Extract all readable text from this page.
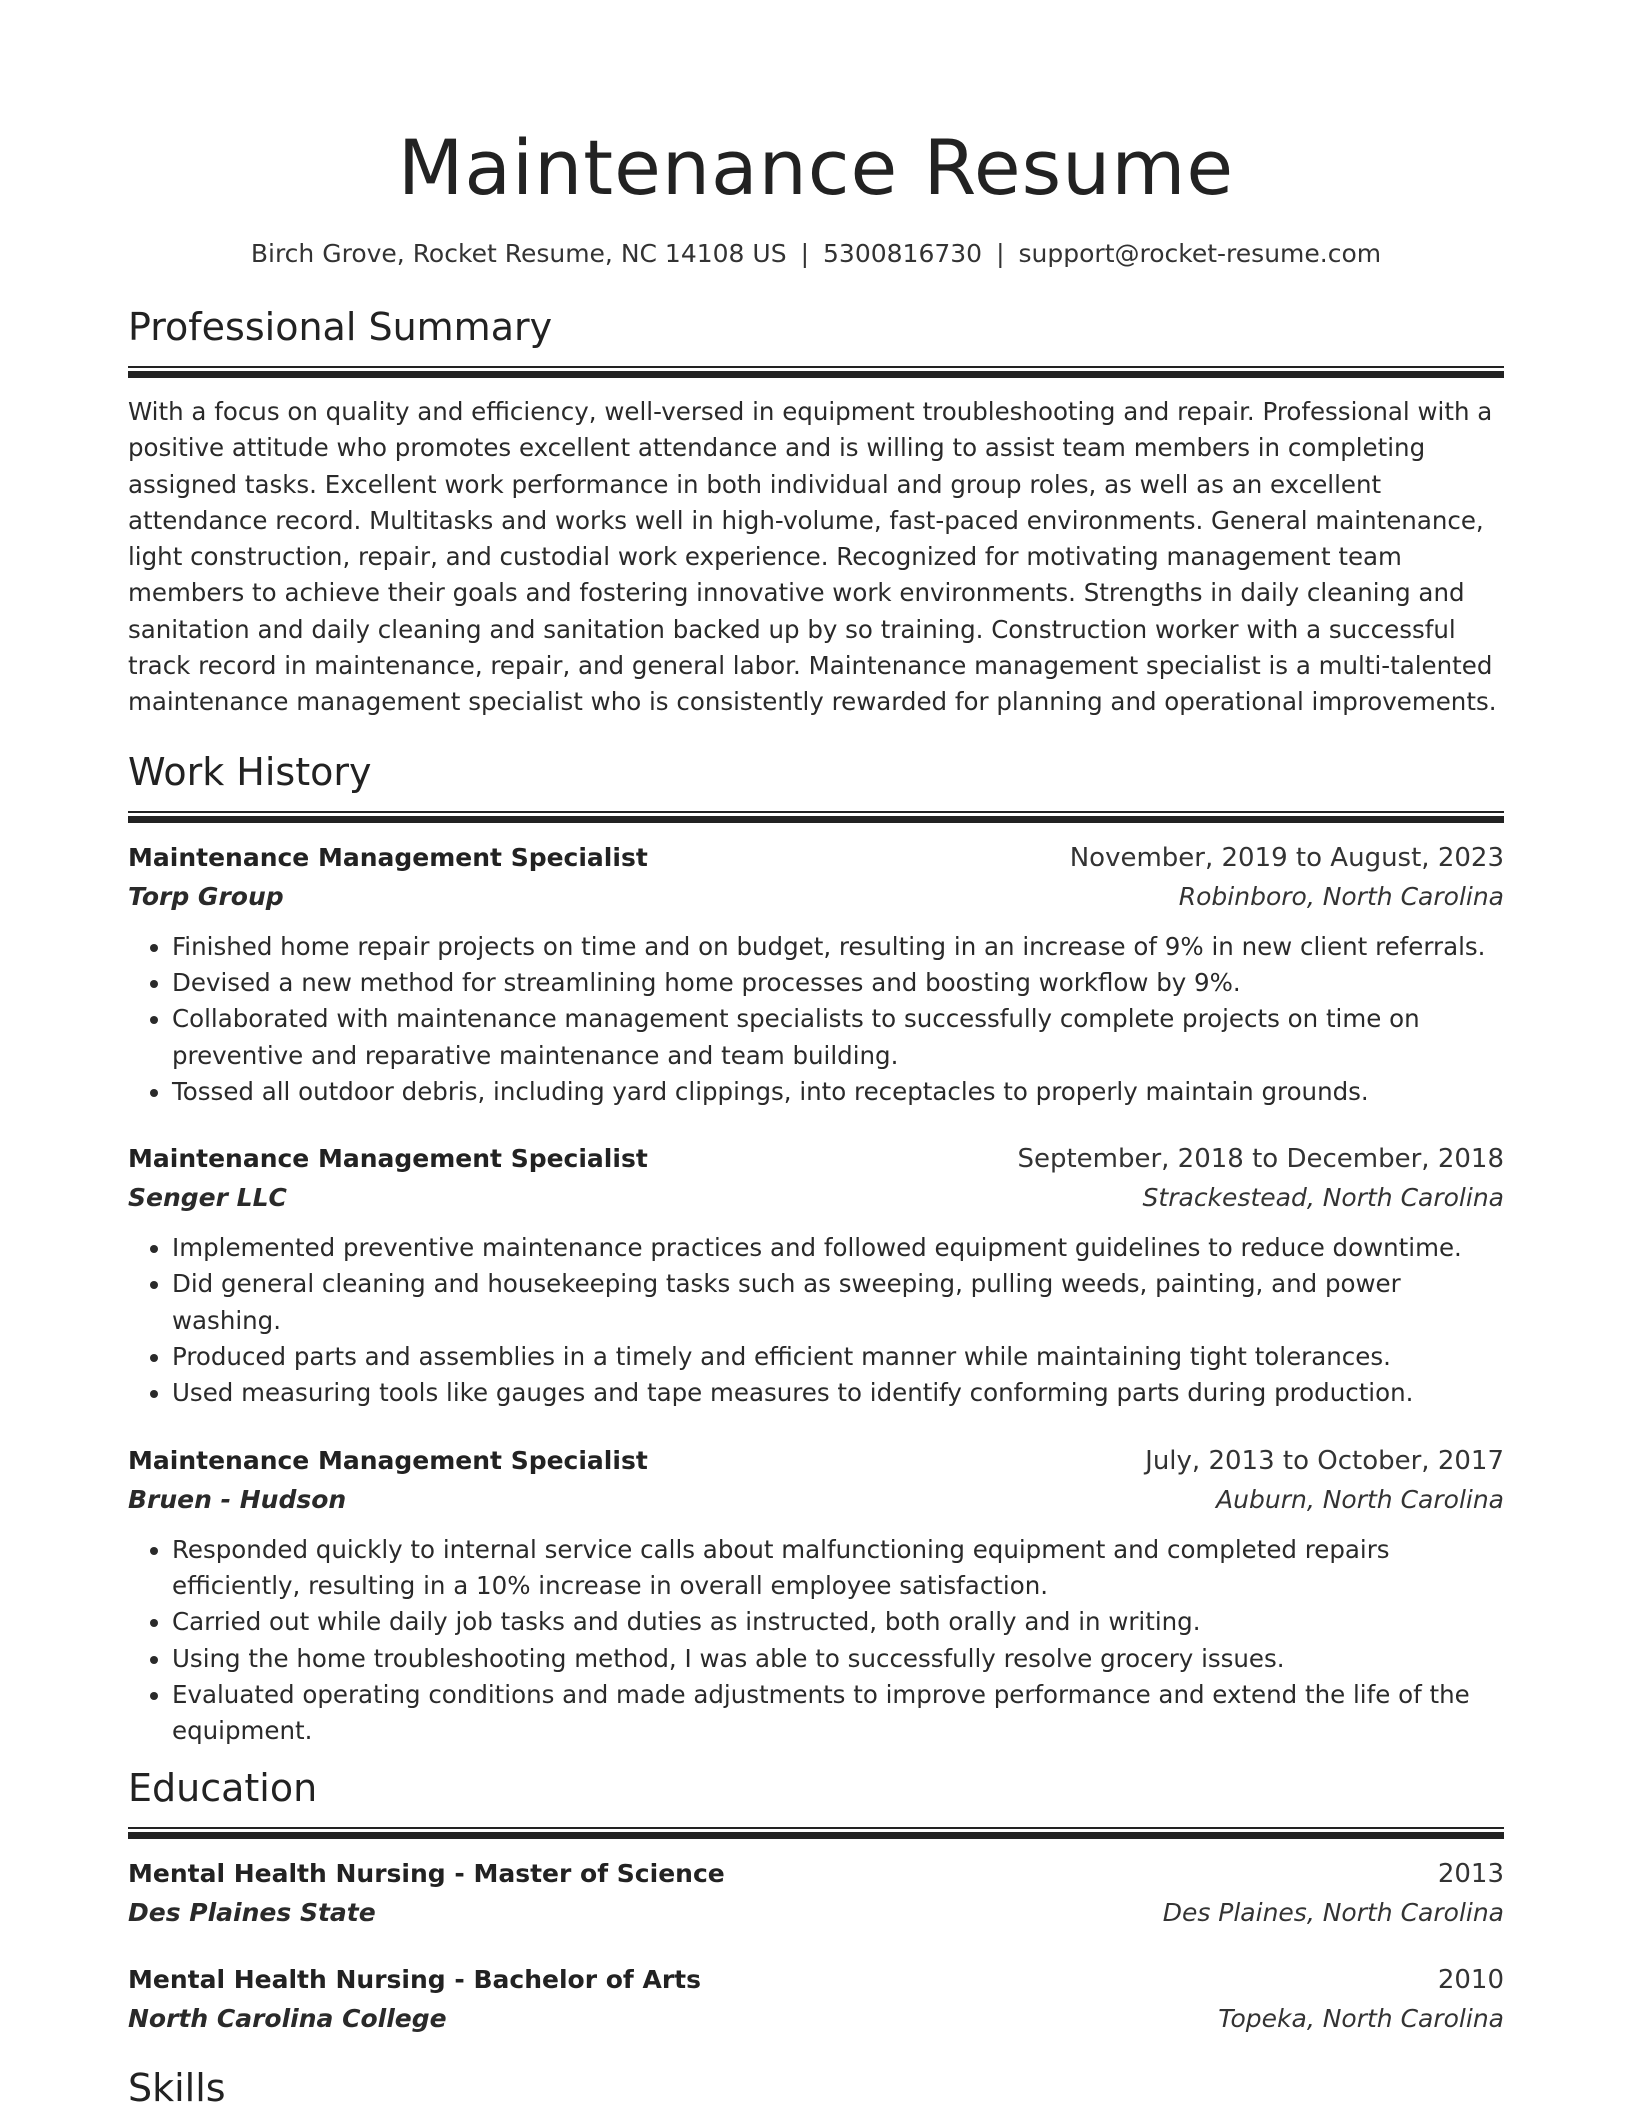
Maintenance Resume
Birch Grove, Rocket Resume, NC 14108 US | 5300816730 | support@rocket-resume.com
Professional Summary

With a focus on quality and efficiency, well-versed in equipment troubleshooting and repair. Professional with a positive attitude who promotes excellent attendance and is willing to assist team members in completing assigned tasks. Excellent work performance in both individual and group roles, as well as an excellent attendance record. Multitasks and works well in high-volume, fast-paced environments. General maintenance, light construction, repair, and custodial work experience. Recognized for motivating management team members to achieve their goals and fostering innovative work environments. Strengths in daily cleaning and sanitation and daily cleaning and sanitation backed up by so training. Construction worker with a successful track record in maintenance, repair, and general labor. Maintenance management specialist is a multi-talented maintenance management specialist who is consistently rewarded for planning and operational improvements.

Work History
Maintenance Management Specialist	November, 2019 to August, 2023
Torp Group	Robinboro, North Carolina
• Finished home repair projects on time and on budget, resulting in an increase of 9% in new client referrals.
• Devised a new method for streamlining home processes and boosting workflow by 9%.
• Collaborated with maintenance management specialists to successfully complete projects on time on preventive and reparative maintenance and team building.
• Tossed all outdoor debris, including yard clippings, into receptacles to properly maintain grounds.
Maintenance Management Specialist	September, 2018 to December, 2018
Senger LLC	Strackestead, North Carolina
• Implemented preventive maintenance practices and followed equipment guidelines to reduce downtime.
• Did general cleaning and housekeeping tasks such as sweeping, pulling weeds, painting, and power washing.
• Produced parts and assemblies in a timely and efficient manner while maintaining tight tolerances.
• Used measuring tools like gauges and tape measures to identify conforming parts during production.
Maintenance Management Specialist	July, 2013 to October, 2017
Bruen - Hudson	Auburn, North Carolina
• Responded quickly to internal service calls about malfunctioning equipment and completed repairs efficiently, resulting in a 10% increase in overall employee satisfaction.
• Carried out while daily job tasks and duties as instructed, both orally and in writing.
• Using the home troubleshooting method, I was able to successfully resolve grocery issues.
• Evaluated operating conditions and made adjustments to improve performance and extend the life of the equipment.
Education
Mental Health Nursing - Master of Science	2013
Des Plaines State	Des Plaines, North Carolina
Mental Health Nursing - Bachelor of Arts	2010
North Carolina College	Topeka, North Carolina
Skills
